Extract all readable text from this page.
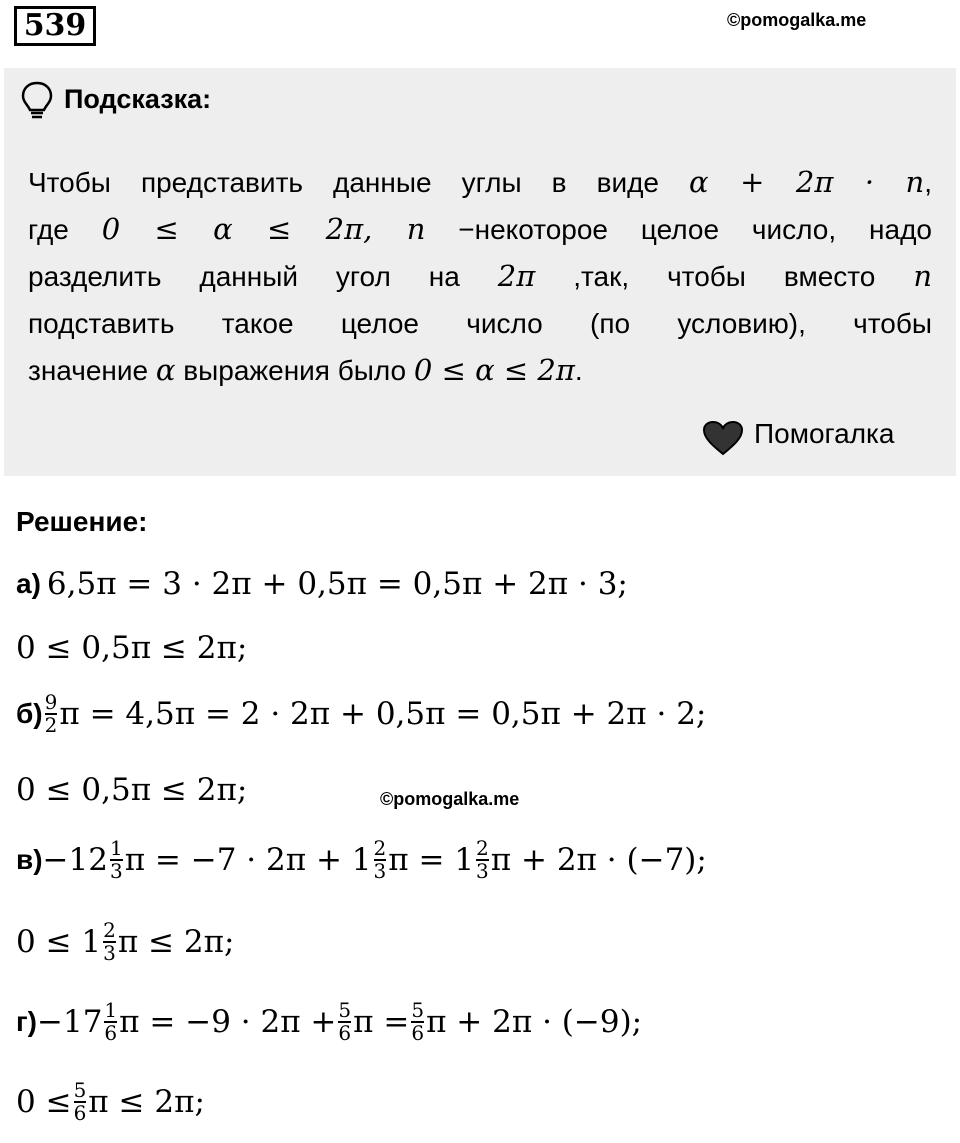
539	©pomogalka.me
Подсказка:
Чтобы представить данные углы в виде α + 2π · n,
где 0 ≤ α ≤ 2π, n −некоторое целое число, надо
разделить данный угол на 2π ,так, чтобы вместо n
подставить такое целое число (по условию), чтобы
значение α выражения было 0 ≤ α ≤ 2π.
Помогалка
Решение:
а) 6,5π = 3 · 2π + 0,5π = 0,5π + 2π · 3;
0 ≤ 0,5π ≤ 2π;
$б) \frac{9}{2}$ π = 4,5π = 2 · 2π + 0,5π = 0,5π + 2π · 2;
0 ≤ 0,5π ≤ 2π;	©pomogalka.me
$в) -12 \frac{1}{3}$ $\pi = -7 \cdot 2\pi + 1 \frac{2}{3}$ $\pi = 1 \frac{2}{3}$ π + 2π · (−7);
$0 \le 1 \frac{2}{3}$ π ≤ 2π;
$г) -17 \frac{1}{6}$ $\pi = -9 \cdot 2\pi + \frac{5}{6}$ $\pi = \frac{5}{6}$ π + 2π · (−9);
$0 \le \frac{5}{6}$ π ≤ 2π;
